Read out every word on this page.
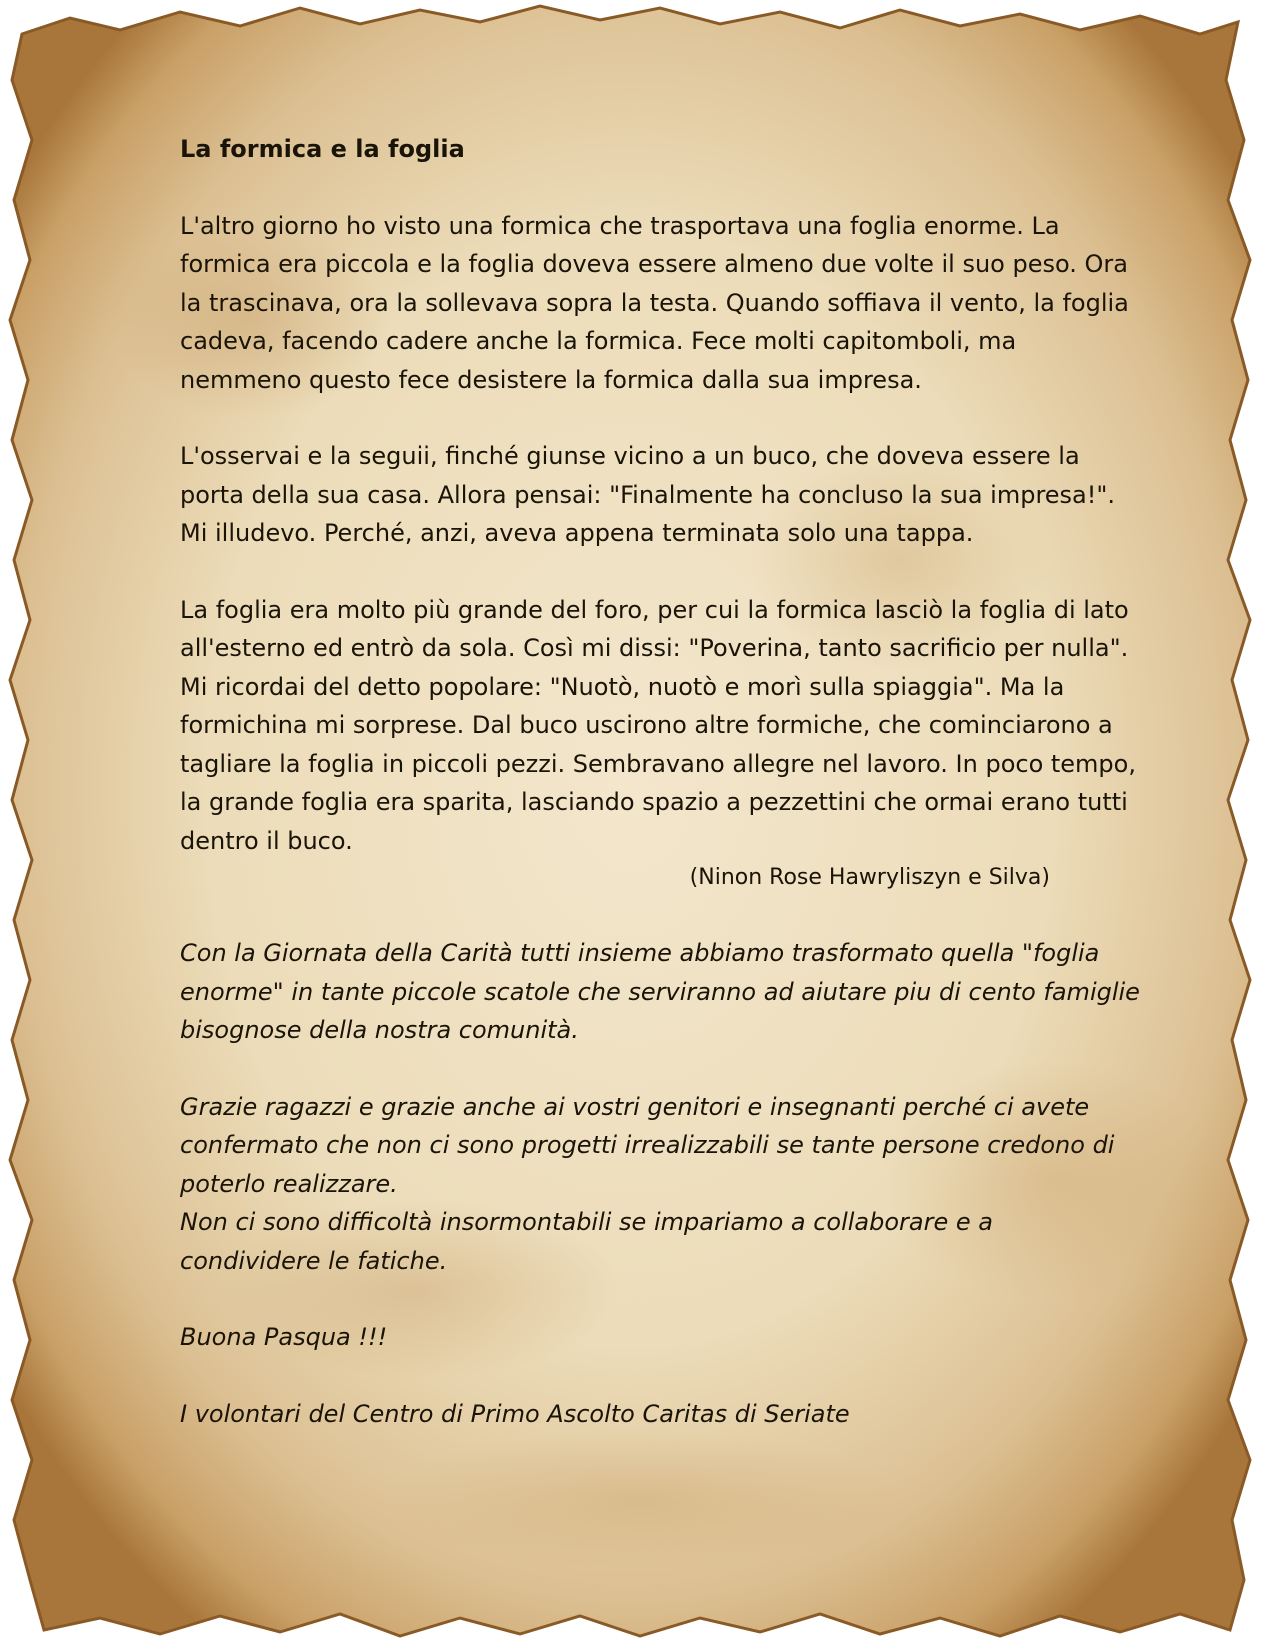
La formica e la foglia

L'altro giorno ho visto una formica che trasportava una foglia enorme. La formica era piccola e la foglia doveva essere almeno due volte il suo peso. Ora la trascinava, ora la sollevava sopra la testa. Quando soffiava il vento, la foglia cadeva, facendo cadere anche la formica. Fece molti capitomboli, ma nemmeno questo fece desistere la formica dalla sua impresa.

L'osservai e la seguii, finché giunse vicino a un buco, che doveva essere la porta della sua casa. Allora pensai: "Finalmente ha concluso la sua impresa!". Mi illudevo. Perché, anzi, aveva appena terminata solo una tappa.

La foglia era molto più grande del foro, per cui la formica lasciò la foglia di lato all'esterno ed entrò da sola. Così mi dissi: "Poverina, tanto sacrificio per nulla". Mi ricordai del detto popolare: "Nuotò, nuotò e morì sulla spiaggia". Ma la formichina mi sorprese. Dal buco uscirono altre formiche, che cominciarono a tagliare la foglia in piccoli pezzi. Sembravano allegre nel lavoro. In poco tempo, la grande foglia era sparita, lasciando spazio a pezzettini che ormai erano tutti dentro il buco.

(Ninon Rose Hawryliszyn e Silva)

Con la Giornata della Carità tutti insieme abbiamo trasformato quella "foglia enorme" in tante piccole scatole che serviranno ad aiutare piu di cento famiglie bisognose della nostra comunità.

Grazie ragazzi e grazie anche ai vostri genitori e insegnanti perché ci avete confermato che non ci sono progetti irrealizzabili se tante persone credono di poterlo realizzare.

Non ci sono difficoltà insormontabili se impariamo a collaborare e a condividere le fatiche.

Buona Pasqua !!!

I volontari del Centro di Primo Ascolto Caritas di Seriate
